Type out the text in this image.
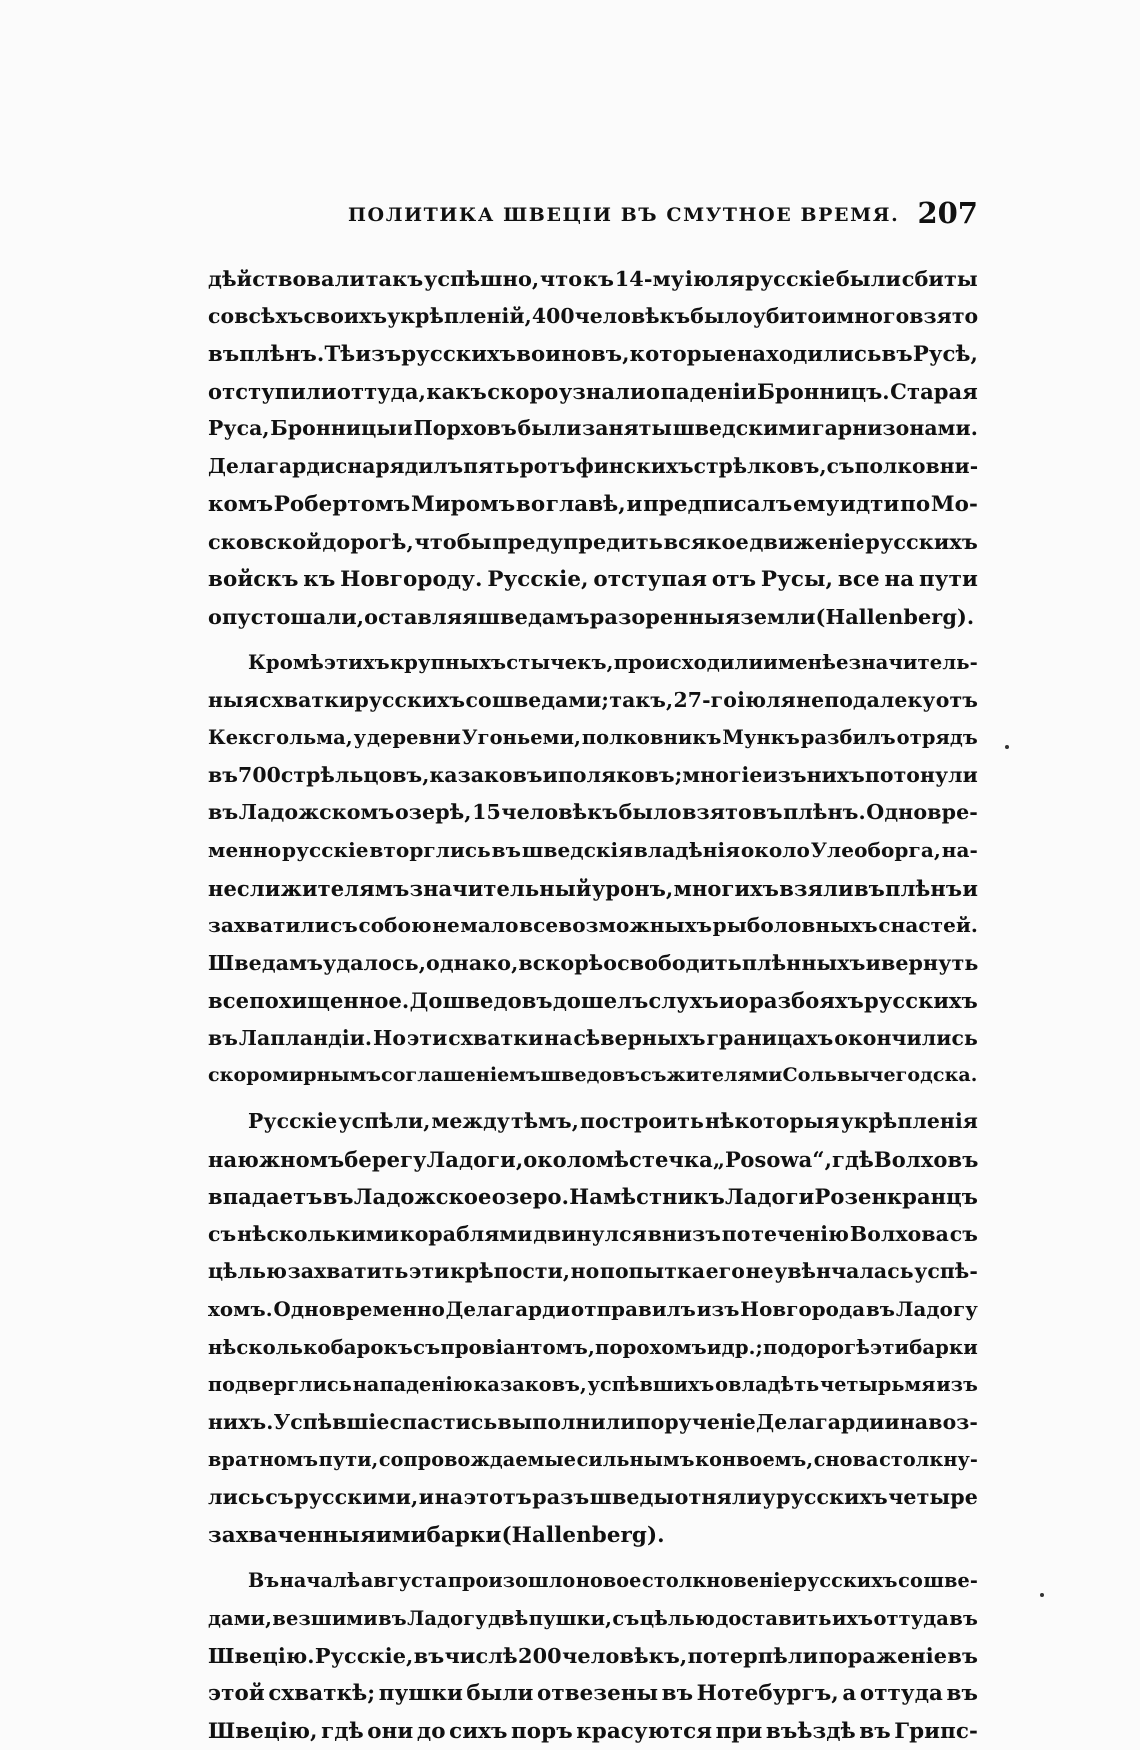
ПОЛИТИКА ШВЕЦІИ ВЪ СМУТНОЕ ВРЕМЯ. 207
дѣйствовали такъ успѣшно, что къ 14-му іюля русскіе были сбиты
со всѣхъ своихъ укрѣпленій, 400 человѣкъ было убито и много взято
въ плѣнъ. Тѣ изъ русскихъ воиновъ, которые находились въ Русѣ,
отступили оттуда, какъ скоро узнали о паденіи Бронницъ. Старая
Руса, Бронницы и Порховъ были заняты шведскими гарнизонами.
Делагарди снарядилъ пять ротъ финскихъ стрѣлковъ, съ полковни-
комъ Робертомъ Миромъ во главѣ, и предписалъ ему идти по Мо-
сковской дорогѣ, чтобы предупредить всякое движеніе русскихъ
войскъ къ Новгороду. Русскіе, отступая отъ Русы, все на пути
опустошали, оставляя шведамъ разоренныя земли (Hallenberg).
Кромѣ этихъ крупныхъ стычекъ, происходили и менѣе значитель-
ныя схватки русскихъ со шведами; такъ, 27-го іюля неподалеку отъ
Кексгольма, у деревни Угоньеми, полковникъ Мункъ разбилъ отрядъ
въ 700 стрѣльцовъ, казаковъ и поляковъ; многіе изъ нихъ потонули
въ Ладожскомъ озерѣ, 15 человѣкъ было взято въ плѣнъ. Одновре-
менно русскіе вторглись въ шведскія владѣнія около Улеоборга, на-
несли жителямъ значительный уронъ, многихъ взяли въ плѣнъ и
захватили съ собою не мало всевозможныхъ рыболовныхъ снастей.
Шведамъ удалось, однако, вскорѣ освободить плѣнныхъ и вернуть
все похищенное. До шведовъ дошелъ слухъ и о разбояхъ русскихъ
въ Лапландіи. Но эти схватки на сѣверныхъ границахъ окончились
скоро мирнымъ соглашеніемъ шведовъ съ жителями Сольвычегодска.
Русскіе успѣли, между тѣмъ, построить нѣкоторыя укрѣпленія
на южномъ берегу Ладоги, около мѣстечка „Posowa“, гдѣ Волховъ
впадаетъ въ Ладожское озеро. Намѣстникъ Ладоги Розенкранцъ
съ нѣсколькими кораблями двинулся внизъ по теченію Волхова съ
цѣлью захватить эти крѣпости, но попытка его не увѣнчалась успѣ-
хомъ. Одновременно Делагарди отправилъ изъ Новгорода въ Ладогу
нѣсколько барокъ съ провіантомъ, порохомъ и др.; по дорогѣ эти барки
подверглись нападенію казаковъ, успѣвшихъ овладѣть четырьмя изъ
нихъ. Успѣвшіе спастись выполнили порученіе Делагарди и на воз-
вратномъ пути, сопровождаемые сильнымъ конвоемъ, снова столкну-
лись съ русскими, и на этотъ разъ шведы отняли у русскихъ четыре
захваченныя ими барки (Hallenberg).
Въ началѣ августа произошло новое столкновеніе русскихъ со шве-
дами, везшими въ Ладогу двѣ пушки, съ цѣлью доставить ихъ оттуда въ
Швецію. Русскіе, въ числѣ 200 человѣкъ, потерпѣли пораженіе въ
этой схваткѣ; пушки были отвезены въ Нотебургъ, а оттуда въ
Швецію, гдѣ они до сихъ поръ красуются при въѣздѣ въ Грипс-
